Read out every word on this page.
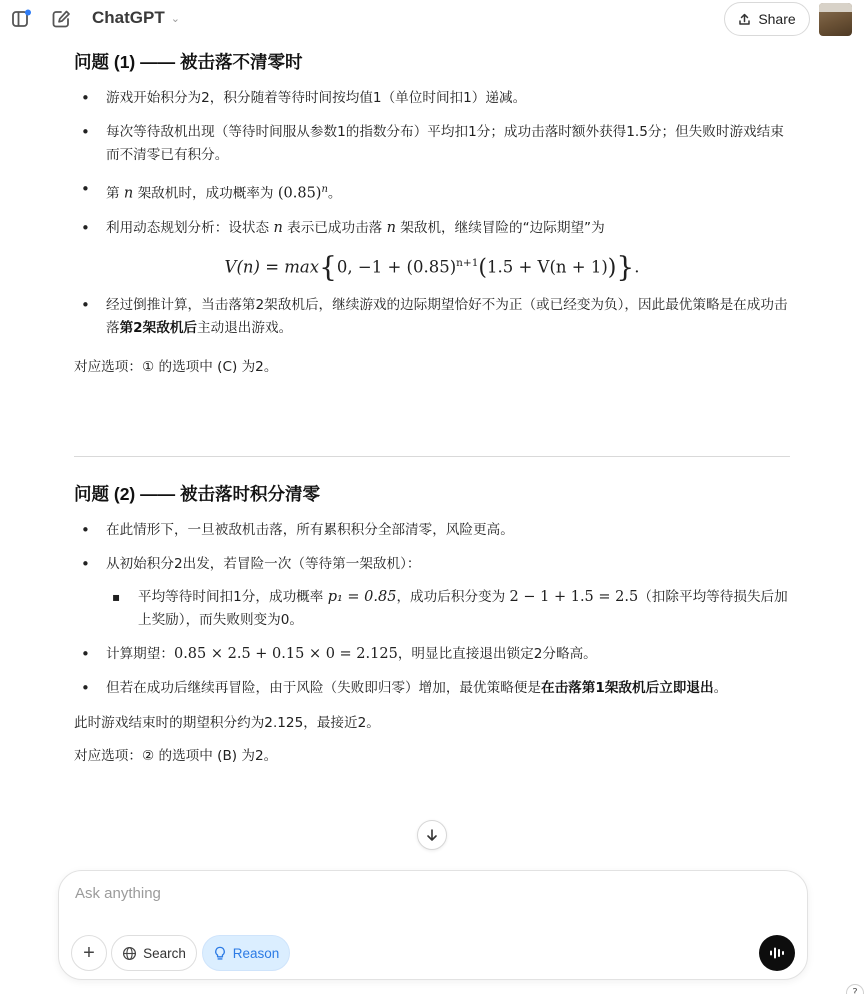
ChatGPT ⌄	Share
问题 (1) —— 被击落不清零时
• 游戏开始积分为2，积分随着等待时间按均值1（单位时间扣1）递减。
• 每次等待敌机出现（等待时间服从参数1的指数分布）平均扣1分；成功击落时额外获得1.5分；但失败时游戏结束而不清零已有积分。
• 第 n 架敌机时，成功概率为 $(0.85)^n$。
• 利用动态规划分析：设状态 n 表示已成功击落 n 架敌机，继续冒险的“边际期望”为
V(n) = max{0, $-1 + (0.85)^{n+1}(1.5 + V(n + 1))$}.
• 经过倒推计算，当击落第2架敌机后，继续游戏的边际期望恰好不为正（或已经变为负），因此最优策略是在成功击落第2架敌机后主动退出游戏。

对应选项：① 的选项中 (C) 为2。

问题 (2) —— 被击落时积分清零
• 在此情形下，一旦被敌机击落，所有累积积分全部清零，风险更高。
• 从初始积分2出发，若冒险一次（等待第一架敌机）：
▪ 平均等待时间扣1分，成功概率 p₁ = 0.85，成功后积分变为 2 − 1 + 1.5 = 2.5（扣除平均等待损失后加上奖励），而失败则变为0。
• 计算期望：0.85 × 2.5 + 0.15 × 0 = 2.125，明显比直接退出锁定2分略高。
• 但若在成功后继续再冒险，由于风险（失败即归零）增加，最优策略便是在击落第1架敌机后立即退出。

此时游戏结束时的期望积分约为2.125，最接近2。

对应选项：② 的选项中 (B) 为2。

Ask anything
+	Search	Reason
?
